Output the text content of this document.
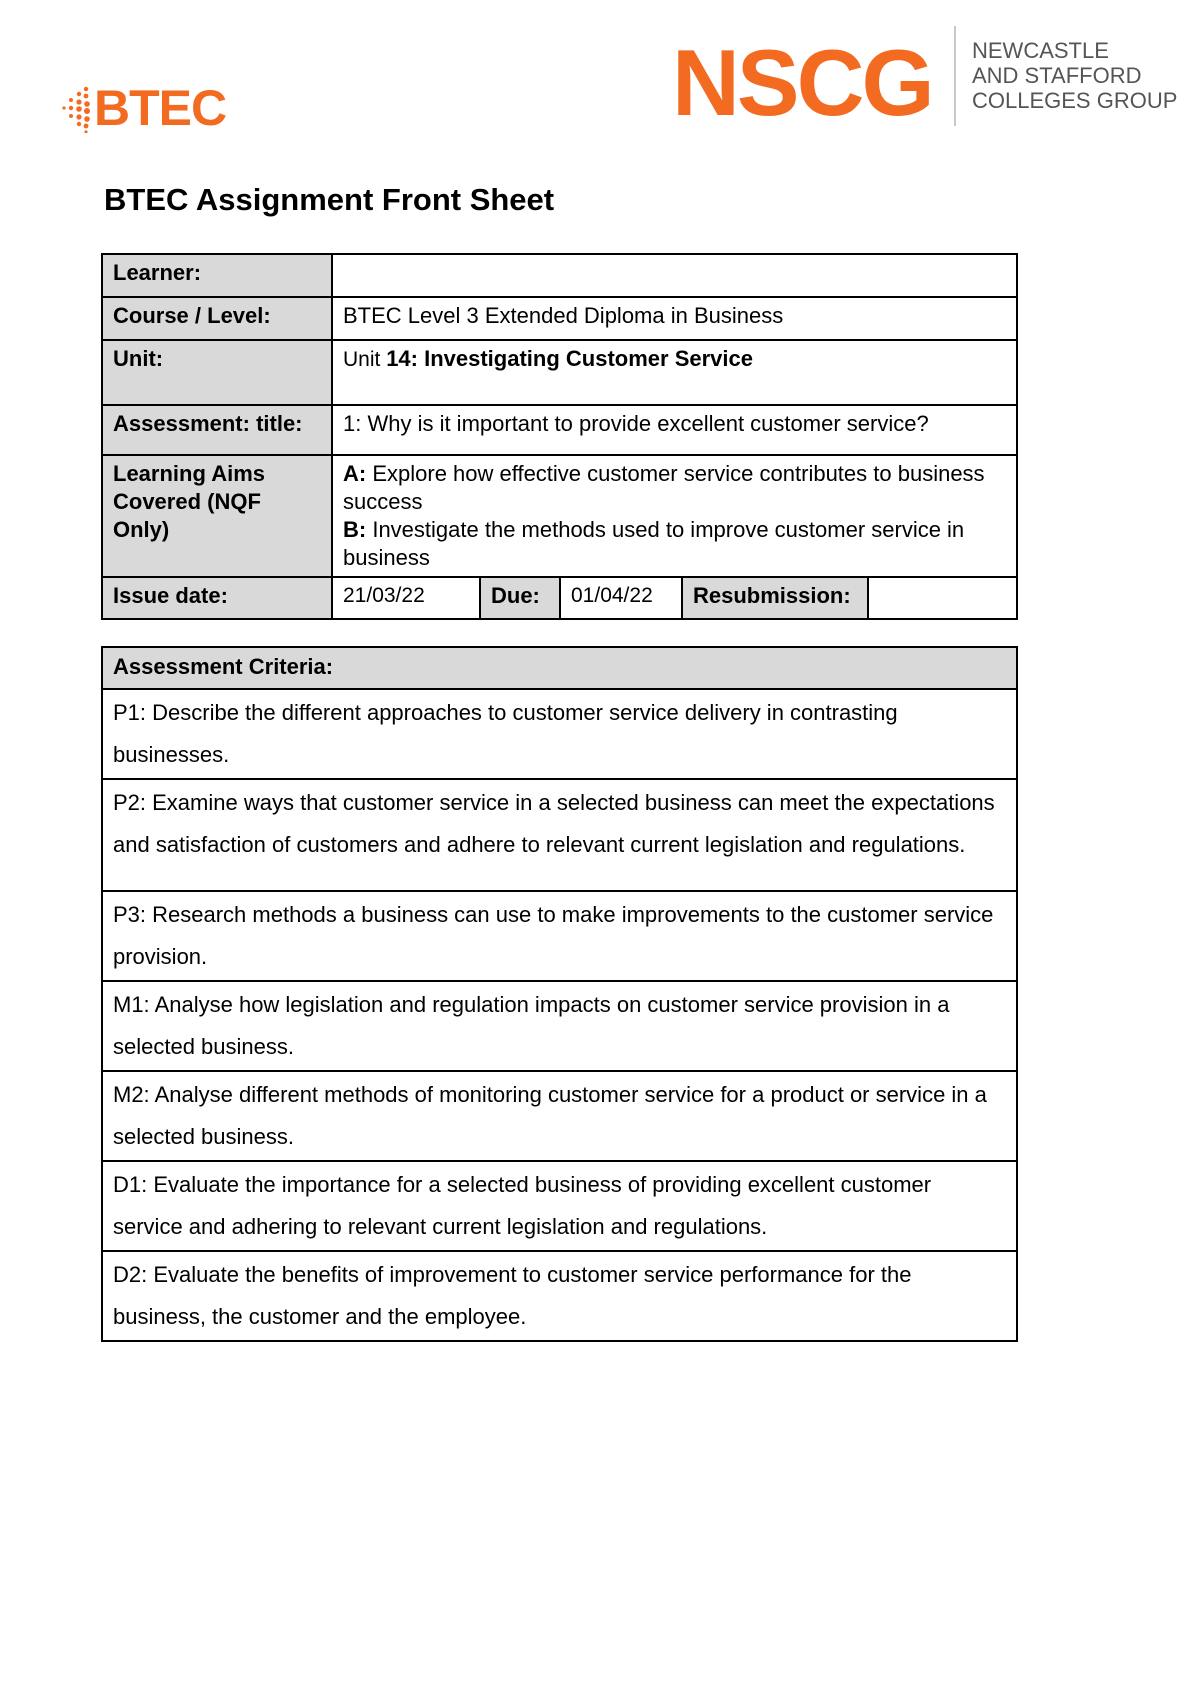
BTEC	NSCG NEWCASTLE
AND STAFFORD
COLLEGES GROUP
BTEC Assignment Front Sheet
Learner:					
Course / Level:	BTEC Level 3 Extended Diploma in Business				
Unit:	Unit 14: Investigating Customer Service				
Assessment: title:	1: Why is it important to provide excellent customer service?				
Learning Aims Covered (NQF Only)	A: Explore how effective customer service contributes to business success
B: Investigate the methods used to improve customer service in business				

Issue date:	21/03/22	Due:	01/04/22	Resubmission:	
Assessment Criteria:
P1: Describe the different approaches to customer service delivery in contrasting businesses.
P2: Examine ways that customer service in a selected business can meet the expectations and satisfaction of customers and adhere to relevant current legislation and regulations.
P3: Research methods a business can use to make improvements to the customer service provision.
M1: Analyse how legislation and regulation impacts on customer service provision in a selected business.
M2: Analyse different methods of monitoring customer service for a product or service in a selected business.
D1: Evaluate the importance for a selected business of providing excellent customer service and adhering to relevant current legislation and regulations.
D2: Evaluate the benefits of improvement to customer service performance for the business, the customer and the employee.
